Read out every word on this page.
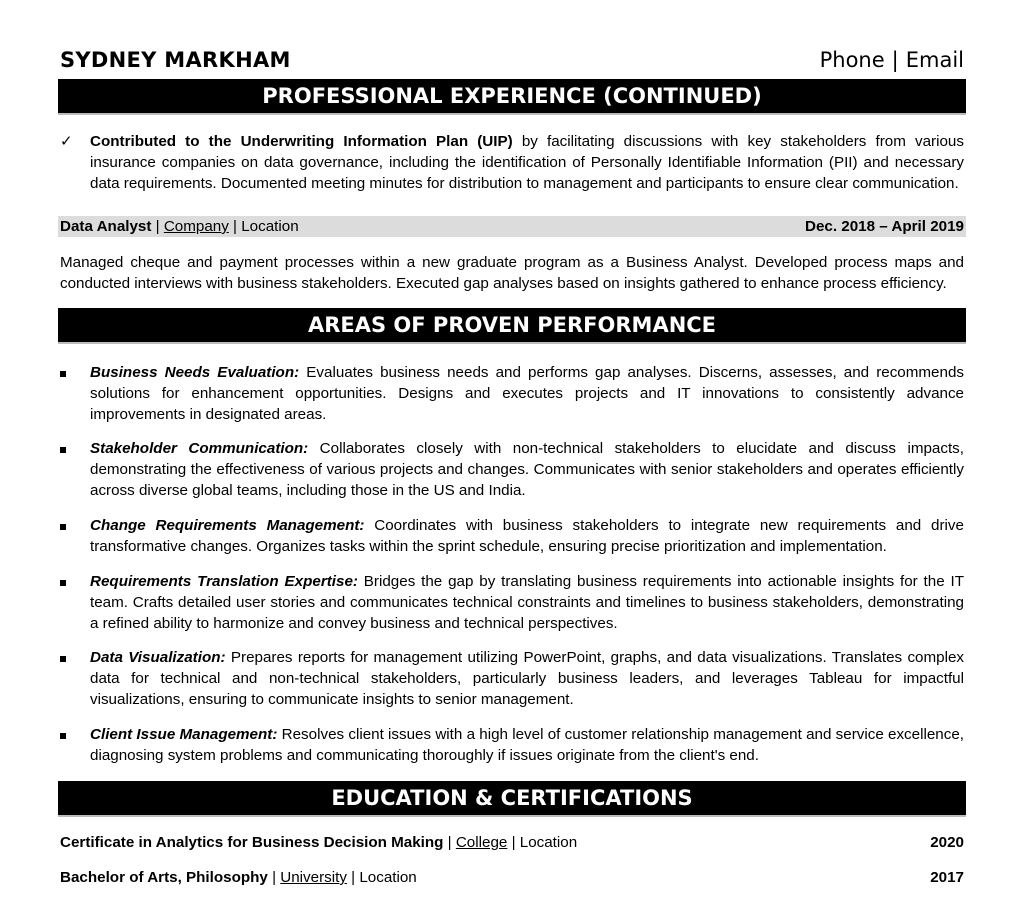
SYDNEY MARKHAM	Phone | Email
PROFESSIONAL EXPERIENCE (CONTINUED)
✓	Contributed to the Underwriting Information Plan (UIP) by facilitating discussions with key stakeholders from various insurance companies on data governance, including the identification of Personally Identifiable Information (PII) and necessary data requirements. Documented meeting minutes for distribution to management and participants to ensure clear communication.
Data Analyst | Company | Location	Dec. 2018 – April 2019
Managed cheque and payment processes within a new graduate program as a Business Analyst. Developed process maps and conducted interviews with business stakeholders. Executed gap analyses based on insights gathered to enhance process efficiency.
AREAS OF PROVEN PERFORMANCE
Business Needs Evaluation: Evaluates business needs and performs gap analyses. Discerns, assesses, and recommends solutions for enhancement opportunities. Designs and executes projects and IT innovations to consistently advance improvements in designated areas.
Stakeholder Communication: Collaborates closely with non-technical stakeholders to elucidate and discuss impacts, demonstrating the effectiveness of various projects and changes. Communicates with senior stakeholders and operates efficiently across diverse global teams, including those in the US and India.
Change Requirements Management: Coordinates with business stakeholders to integrate new requirements and drive transformative changes. Organizes tasks within the sprint schedule, ensuring precise prioritization and implementation.
Requirements Translation Expertise: Bridges the gap by translating business requirements into actionable insights for the IT team. Crafts detailed user stories and communicates technical constraints and timelines to business stakeholders, demonstrating a refined ability to harmonize and convey business and technical perspectives.
Data Visualization: Prepares reports for management utilizing PowerPoint, graphs, and data visualizations. Translates complex data for technical and non-technical stakeholders, particularly business leaders, and leverages Tableau for impactful visualizations, ensuring to communicate insights to senior management.
Client Issue Management: Resolves client issues with a high level of customer relationship management and service excellence, diagnosing system problems and communicating thoroughly if issues originate from the client's end.
EDUCATION & CERTIFICATIONS
Certificate in Analytics for Business Decision Making | College | Location	2020
Bachelor of Arts, Philosophy | University | Location	2017
